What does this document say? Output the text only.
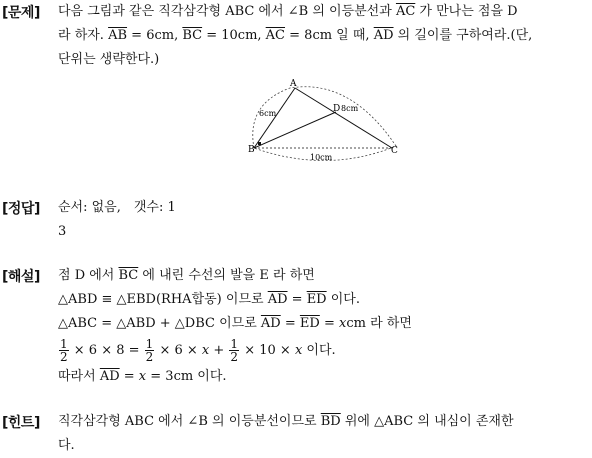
[문제] 다음 그림과 같은 직각삼각형 ABC 에서 ∠B 의 이등분선과 $\overline{AC}$ 가 만나는 점을 D
라 하자. $\overline{AB} = 6cm$, $\overline{BC} = 10cm$, $\overline{AC} = 8cm$ 일 때, $\overline{AD}$ 의 길이를 구하여라.(단,
단위는 생략한다.)
A
B	C
D
6cm
8cm
10cm
[정답] 순서: 없음,　갯수: 1
3
[해설] 점 D 에서 $\overline{BC}$ 에 내린 수선의 발을 E 라 하면
△ABD ≡ △EBD(RHA합동) 이므로 $\overline{AD} = \overline{ED}$ 이다.
△ABC = △ABD + △DBC 이므로 $\overline{AD} = \overline{ED}$ = xcm 라 하면
$\frac{1}{2} \times 6 \times 8 = \frac{1}{2} \times 6 \times x + \frac{1}{2} \times 10 \times x$ 이다.
따라서 $\overline{AD} = x = 3cm$ 이다.
[힌트] 직각삼각형 ABC 에서 ∠B 의 이등분선이므로 $\overline{BD}$ 위에 △ABC 의 내심이 존재한
다.
